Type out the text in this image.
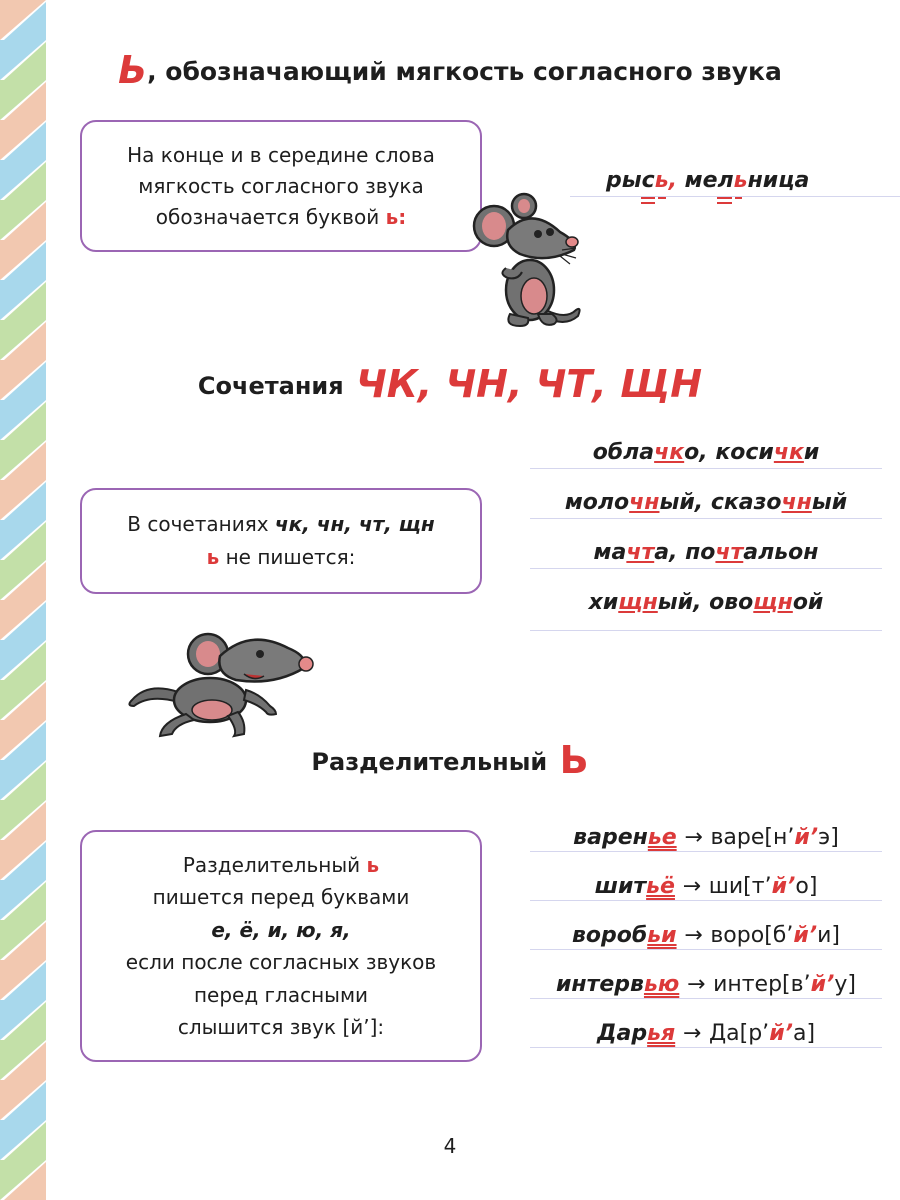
Ь, обозначающий мягкость согласного звука
На конце и в середине слова
мягкость согласного звука
обозначается буквой ь:
рысь, мельница
Сочетания ЧК, ЧН, ЧТ, ЩН
В сочетаниях чк, чн, чт, щн
ь не пишется:
облачко, косички
молочный, сказочный
мачта, почтальон
хищный, овощной
Разделительный Ь
Разделительный ь
пишется перед буквами
е, ё, и, ю, я,
если после согласных звуков
перед гласными
слышится звук [й’]:
варенье → варе[н’й’э]
шитьё → ши[т’й’о]
воробьи → воро[б’й’и]
интервью → интер[в’й’у]
Дарья → Да[р’й’а]
4
